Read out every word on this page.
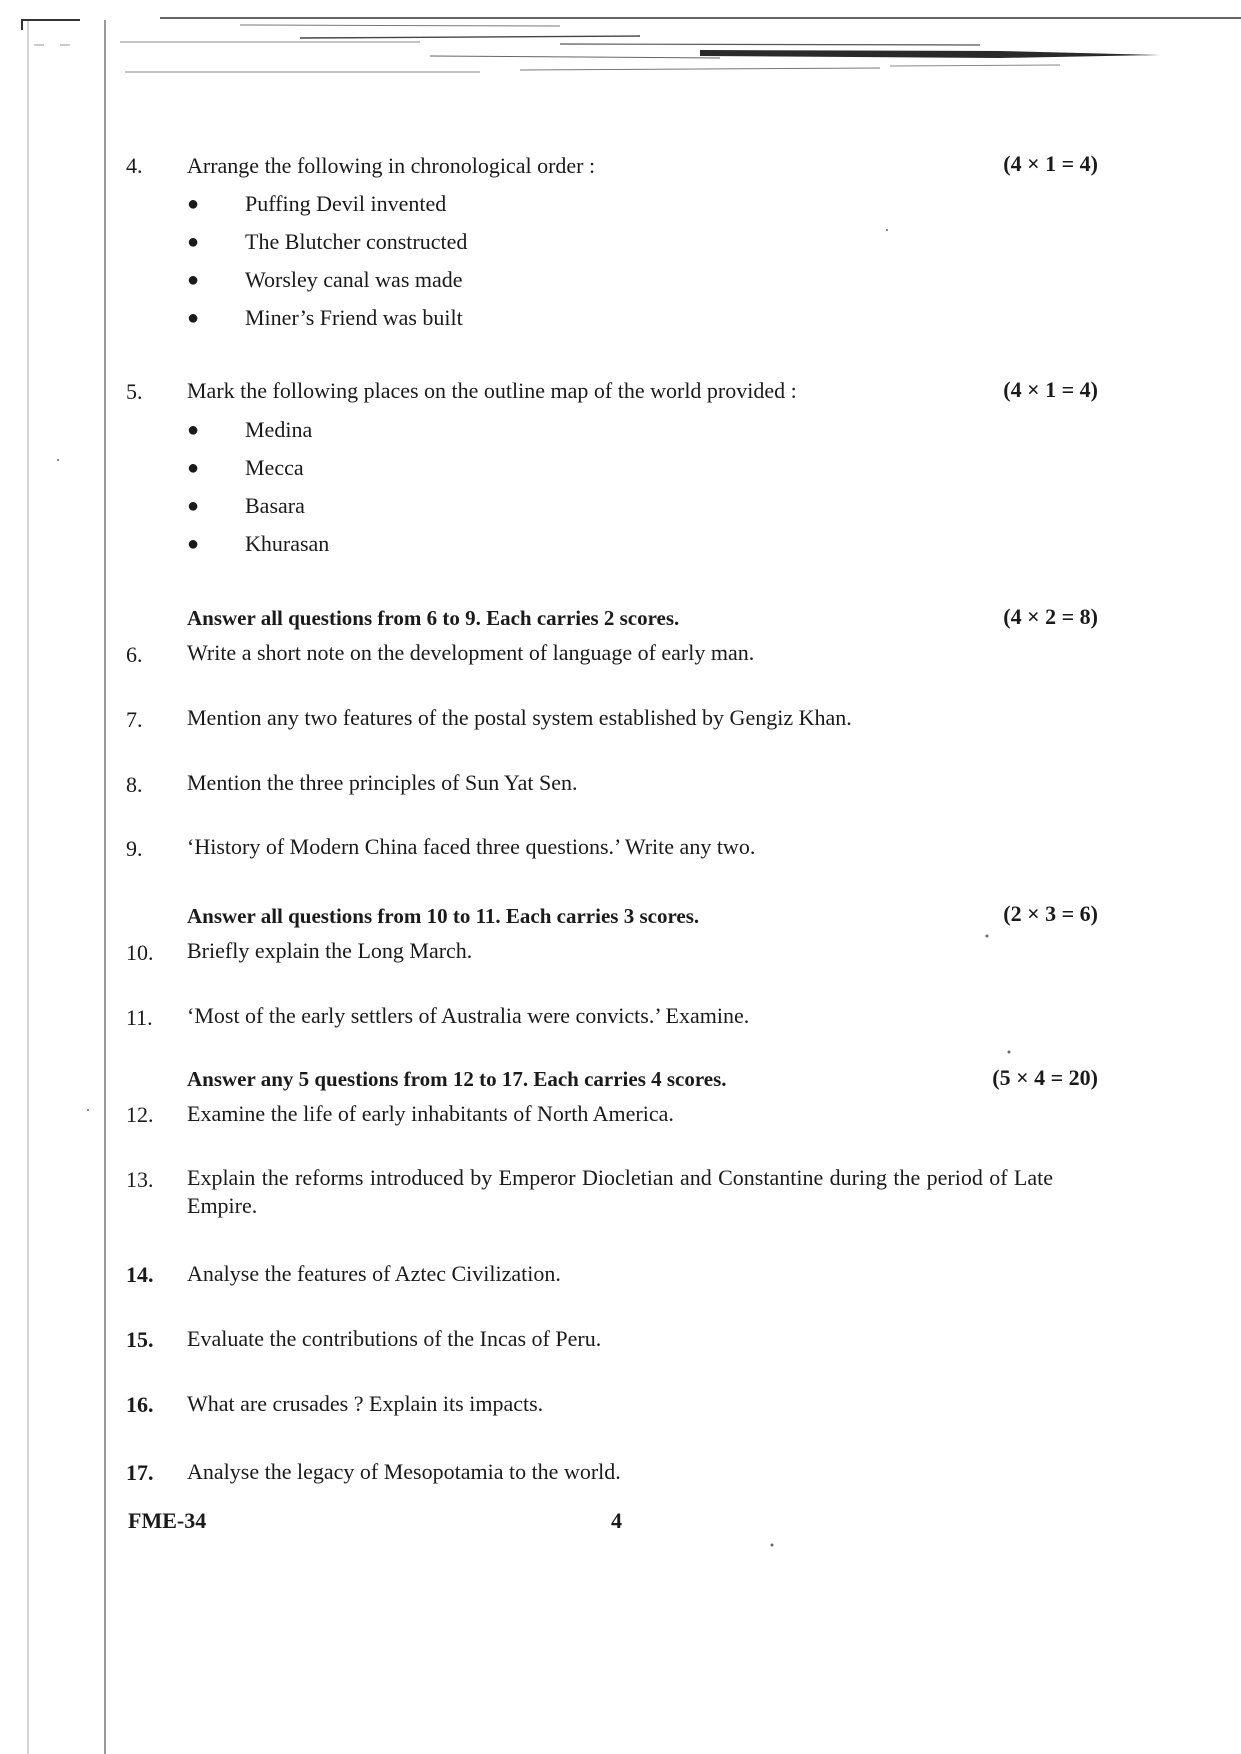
4. Arrange the following in chronological order :	(4 × 1 = 4)
● Puffing Devil invented
● The Blutcher constructed
● Worsley canal was made
● Miner’s Friend was built
5. Mark the following places on the outline map of the world provided :	(4 × 1 = 4)
● Medina
● Mecca
● Basara
● Khurasan
Answer all questions from 6 to 9. Each carries 2 scores.	(4 × 2 = 8)
6. Write a short note on the development of language of early man.
7. Mention any two features of the postal system established by Gengiz Khan.
8. Mention the three principles of Sun Yat Sen.
9. ‘History of Modern China faced three questions.’ Write any two.
Answer all questions from 10 to 11. Each carries 3 scores.	(2 × 3 = 6)
10. Briefly explain the Long March.
11. ‘Most of the early settlers of Australia were convicts.’ Examine.
Answer any 5 questions from 12 to 17. Each carries 4 scores.	(5 × 4 = 20)
12. Examine the life of early inhabitants of North America.
13. Explain the reforms introduced by Emperor Diocletian and Constantine during the period of Late Empire.
14. Analyse the features of Aztec Civilization.
15. Evaluate the contributions of the Incas of Peru.
16. What are crusades ? Explain its impacts.
17. Analyse the legacy of Mesopotamia to the world.
FME-34	4
